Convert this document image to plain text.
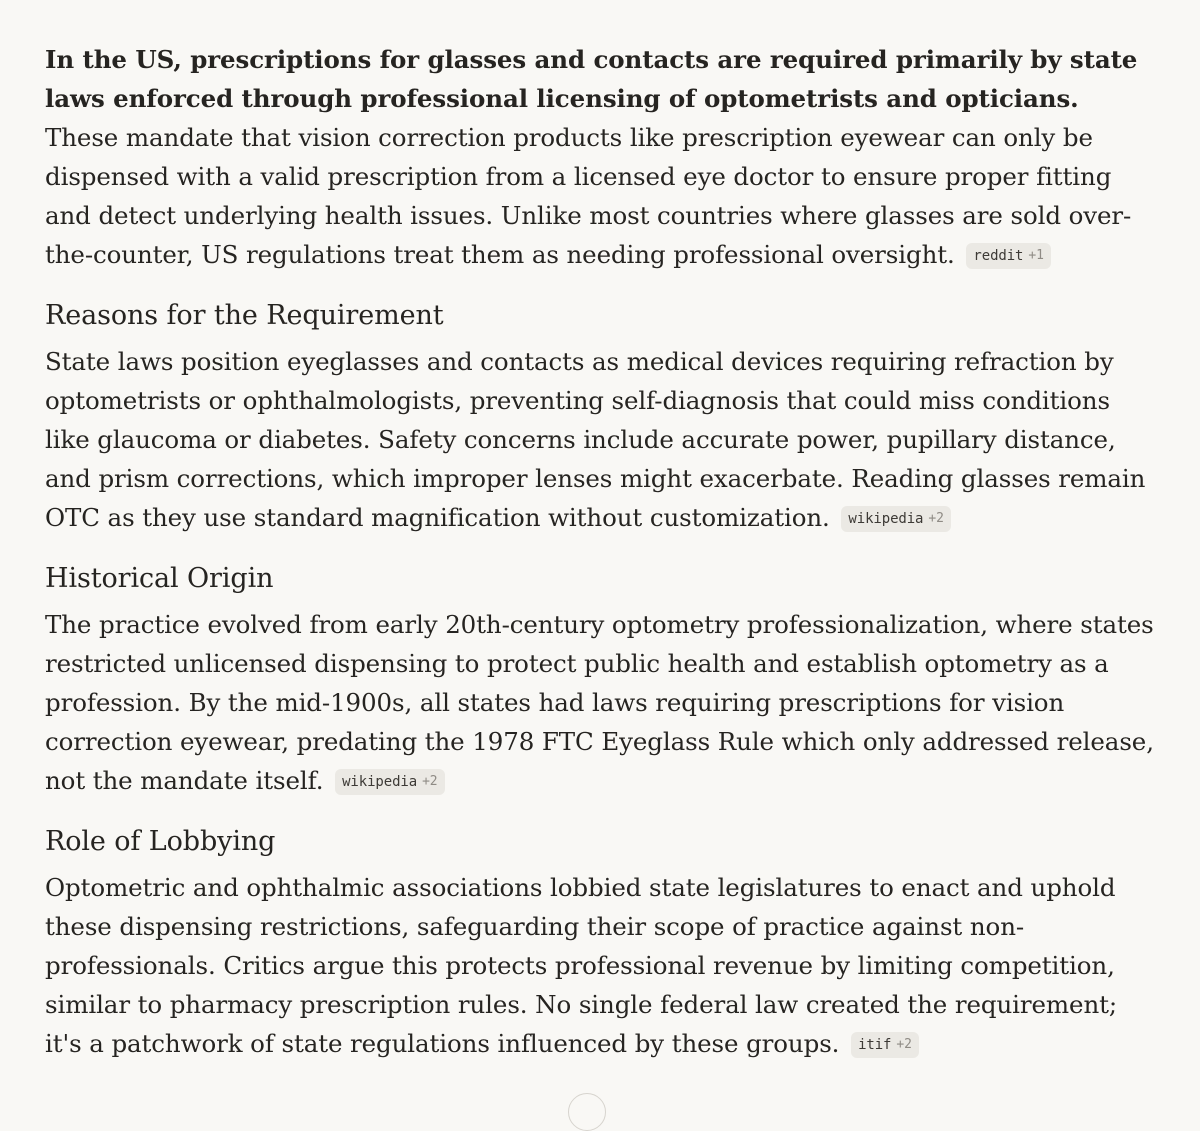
In the US, prescriptions for glasses and contacts are required primarily by state laws enforced through professional licensing of optometrists and opticians. These mandate that vision correction products like prescription eyewear can only be dispensed with a valid prescription from a licensed eye doctor to ensure proper fitting and detect underlying health issues. Unlike most countries where glasses are sold over-the-counter, US regulations treat them as needing professional oversight. reddit +1

Reasons for the Requirement

State laws position eyeglasses and contacts as medical devices requiring refraction by optometrists or ophthalmologists, preventing self-diagnosis that could miss conditions like glaucoma or diabetes. Safety concerns include accurate power, pupillary distance, and prism corrections, which improper lenses might exacerbate. Reading glasses remain OTC as they use standard magnification without customization. wikipedia +2

Historical Origin

The practice evolved from early 20th-century optometry professionalization, where states restricted unlicensed dispensing to protect public health and establish optometry as a profession. By the mid-1900s, all states had laws requiring prescriptions for vision correction eyewear, predating the 1978 FTC Eyeglass Rule which only addressed release, not the mandate itself. wikipedia +2

Role of Lobbying

Optometric and ophthalmic associations lobbied state legislatures to enact and uphold these dispensing restrictions, safeguarding their scope of practice against non-professionals. Critics argue this protects professional revenue by limiting competition, similar to pharmacy prescription rules. No single federal law created the requirement; it's a patchwork of state regulations influenced by these groups. itif +2
